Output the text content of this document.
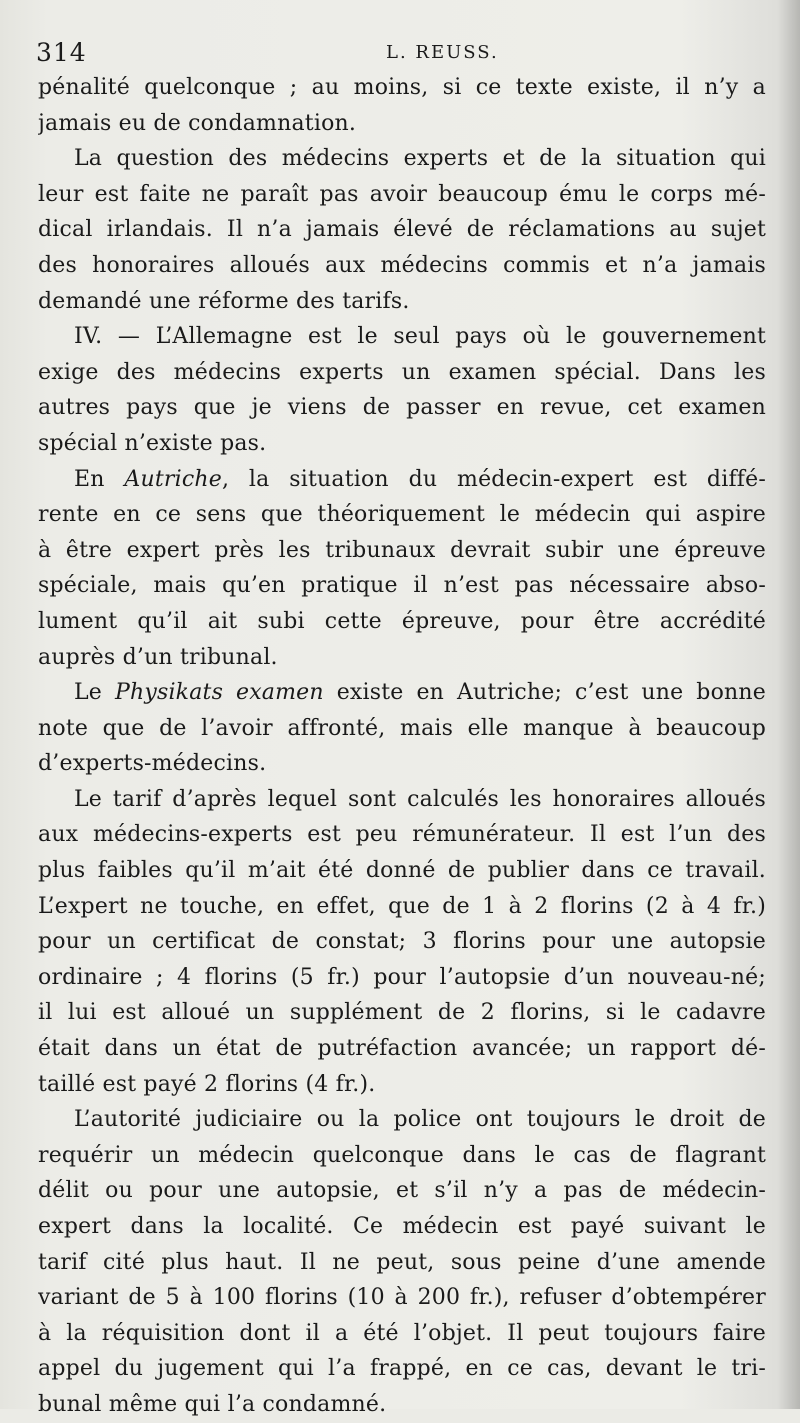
314	L. REUSS.
pénalité quelconque ; au moins, si ce texte existe, il n’y a
jamais eu de condamnation.
La question des médecins experts et de la situation qui
leur est faite ne paraît pas avoir beaucoup ému le corps mé-
dical irlandais. Il n’a jamais élevé de réclamations au sujet
des honoraires alloués aux médecins commis et n’a jamais
demandé une réforme des tarifs.
IV. — L’Allemagne est le seul pays où le gouvernement
exige des médecins experts un examen spécial. Dans les
autres pays que je viens de passer en revue, cet examen
spécial n’existe pas.
En Autriche, la situation du médecin-expert est diffé-
rente en ce sens que théoriquement le médecin qui aspire
à être expert près les tribunaux devrait subir une épreuve
spéciale, mais qu’en pratique il n’est pas nécessaire abso-
lument qu’il ait subi cette épreuve, pour être accrédité
auprès d’un tribunal.
Le Physikats examen existe en Autriche; c’est une bonne
note que de l’avoir affronté, mais elle manque à beaucoup
d’experts-médecins.
Le tarif d’après lequel sont calculés les honoraires alloués
aux médecins-experts est peu rémunérateur. Il est l’un des
plus faibles qu’il m’ait été donné de publier dans ce travail.
L’expert ne touche, en effet, que de 1 à 2 florins (2 à 4 fr.)
pour un certificat de constat; 3 florins pour une autopsie
ordinaire ; 4 florins (5 fr.) pour l’autopsie d’un nouveau-né;
il lui est alloué un supplément de 2 florins, si le cadavre
était dans un état de putréfaction avancée; un rapport dé-
taillé est payé 2 florins (4 fr.).
L’autorité judiciaire ou la police ont toujours le droit de
requérir un médecin quelconque dans le cas de flagrant
délit ou pour une autopsie, et s’il n’y a pas de médecin-
expert dans la localité. Ce médecin est payé suivant le
tarif cité plus haut. Il ne peut, sous peine d’une amende
variant de 5 à 100 florins (10 à 200 fr.), refuser d’obtempérer
à la réquisition dont il a été l’objet. Il peut toujours faire
appel du jugement qui l’a frappé, en ce cas, devant le tri-
bunal même qui l’a condamné.
